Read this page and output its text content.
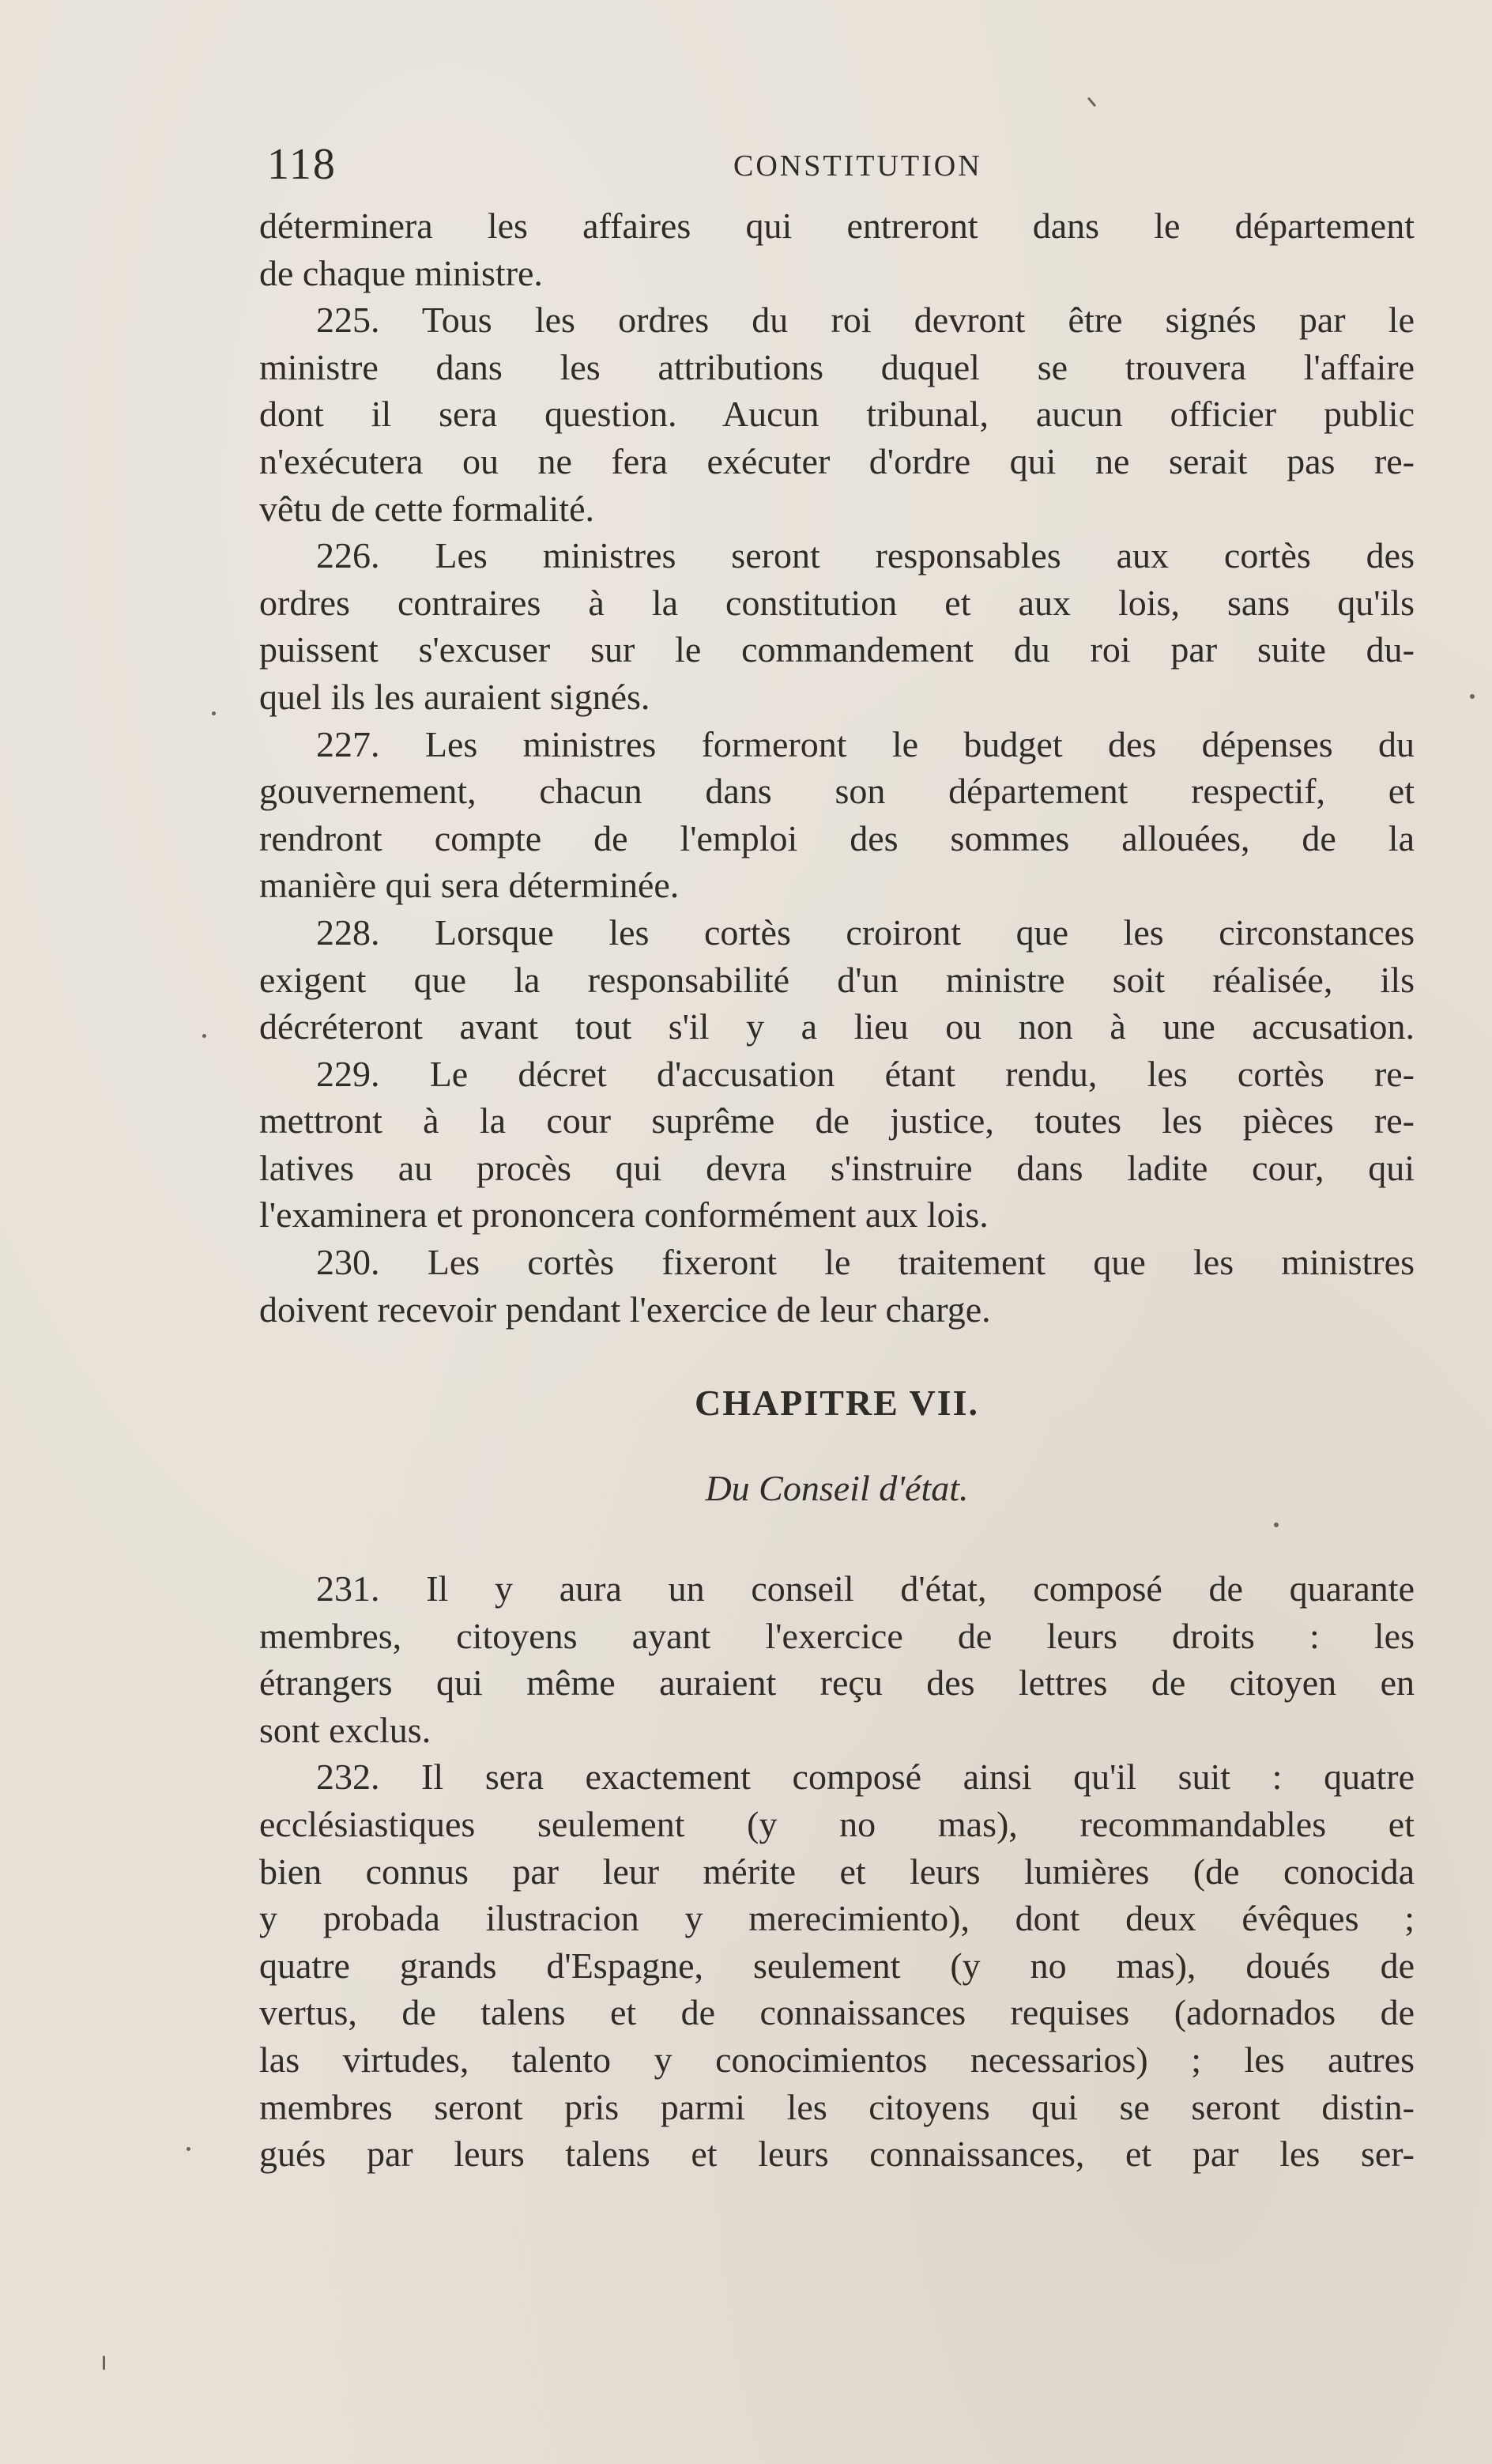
118	CONSTITUTION
déterminera les affaires qui entreront dans le département
de chaque ministre.
225. Tous les ordres du roi devront être signés par le
ministre dans les attributions duquel se trouvera l'affaire
dont il sera question. Aucun tribunal, aucun officier public
n'exécutera ou ne fera exécuter d'ordre qui ne serait pas re-
vêtu de cette formalité.
226. Les ministres seront responsables aux cortès des
ordres contraires à la constitution et aux lois, sans qu'ils
puissent s'excuser sur le commandement du roi par suite du-
quel ils les auraient signés.
227. Les ministres formeront le budget des dépenses du
gouvernement, chacun dans son département respectif, et
rendront compte de l'emploi des sommes allouées, de la
manière qui sera déterminée.
228. Lorsque les cortès croiront que les circonstances
exigent que la responsabilité d'un ministre soit réalisée, ils
décréteront avant tout s'il y a lieu ou non à une accusation.
229. Le décret d'accusation étant rendu, les cortès re-
mettront à la cour suprême de justice, toutes les pièces re-
latives au procès qui devra s'instruire dans ladite cour, qui
l'examinera et prononcera conformément aux lois.
230. Les cortès fixeront le traitement que les ministres
doivent recevoir pendant l'exercice de leur charge.
CHAPITRE VII.
Du Conseil d'état.
231. Il y aura un conseil d'état, composé de quarante
membres, citoyens ayant l'exercice de leurs droits : les
étrangers qui même auraient reçu des lettres de citoyen en
sont exclus.
232. Il sera exactement composé ainsi qu'il suit : quatre
ecclésiastiques seulement (y no mas), recommandables et
bien connus par leur mérite et leurs lumières (de conocida
y probada ilustracion y merecimiento), dont deux évêques ;
quatre grands d'Espagne, seulement (y no mas), doués de
vertus, de talens et de connaissances requises (adornados de
las virtudes, talento y conocimientos necessarios) ; les autres
membres seront pris parmi les citoyens qui se seront distin-
gués par leurs talens et leurs connaissances, et par les ser-
